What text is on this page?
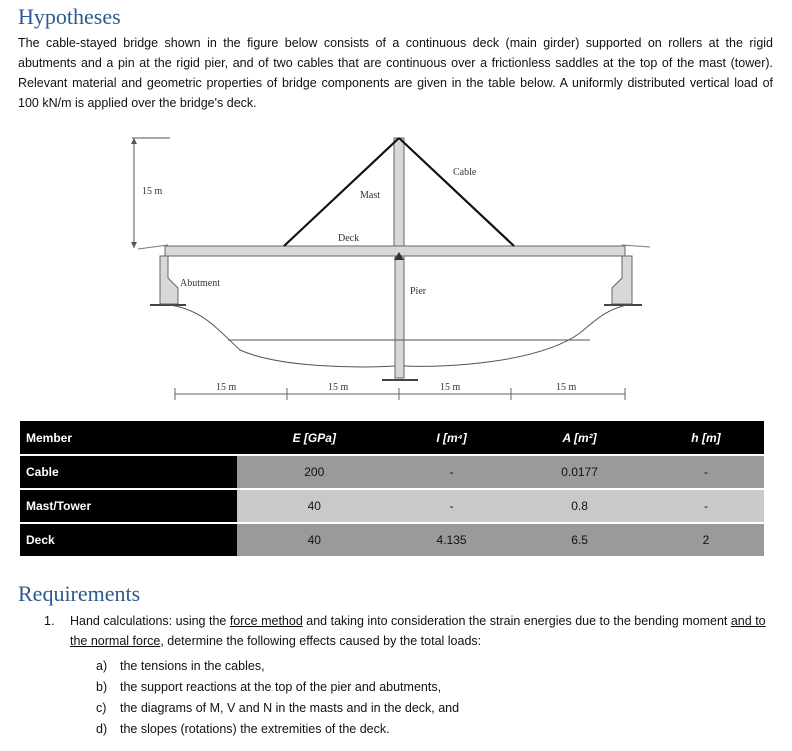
Hypotheses

The cable-stayed bridge shown in the figure below consists of a continuous deck (main girder) supported on rollers at the rigid abutments and a pin at the rigid pier, and of two cables that are continuous over a frictionless saddles at the top of the mast (tower). Relevant material and geometric properties of bridge components are given in the table below. A uniformly distributed vertical load of 100 kN/m is applied over the bridge's deck.

15 m
Cable
Mast
Deck
Pier
Abutment
15 m	15 m	15 m	15 m
Member	E [GPa]	I [m⁴]	A [m²]	h [m]
Cable	200	-	0.0177	-
Mast/Tower	40	-	0.8	-
Deck	40	4.135	6.5	2
Requirements
1. Hand calculations: using the force method and taking into consideration the strain energies due to the bending moment and to the normal force, determine the following effects caused by the total loads:
a) the tensions in the cables,
b) the support reactions at the top of the pier and abutments,
c) the diagrams of M, V and N in the masts and in the deck, and
d) the slopes (rotations) the extremities of the deck.
